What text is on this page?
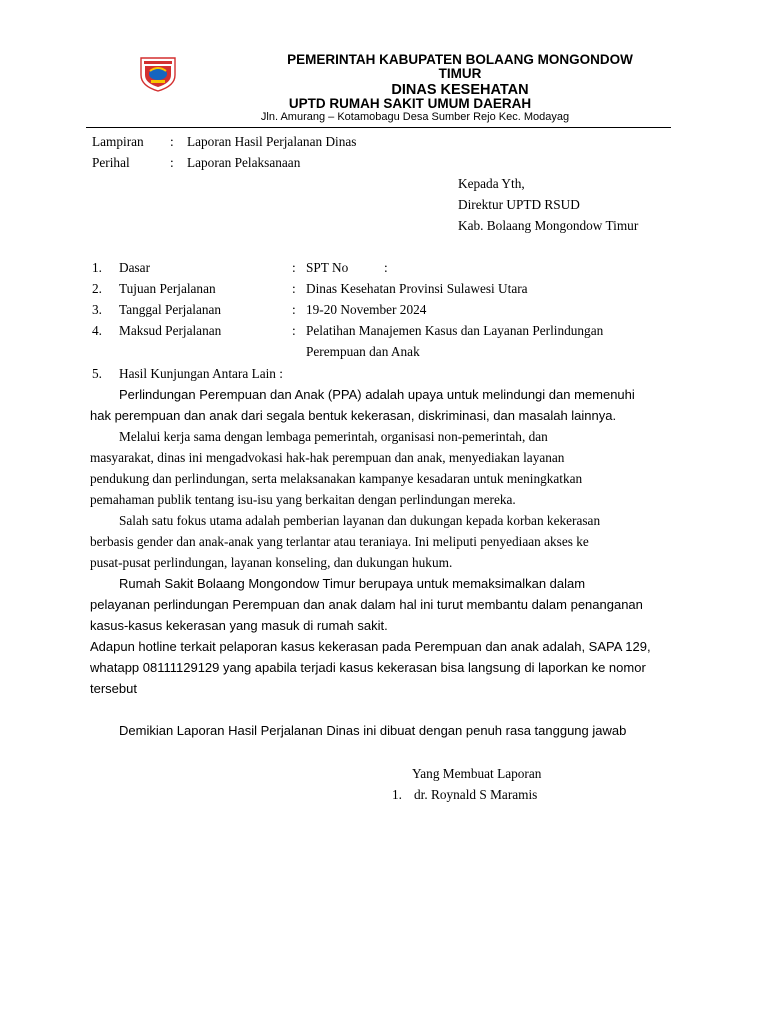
PEMERINTAH KABUPATEN BOLAANG MONGONDOW
TIMUR
DINAS KESEHATAN
UPTD RUMAH SAKIT UMUM DAERAH
Jln. Amurang – Kotamobagu Desa Sumber Rejo Kec. Modayag
Lampiran : Laporan Hasil Perjalanan Dinas
Perihal	: Laporan Pelaksanaan
Kepada Yth,
Direktur UPTD RSUD
Kab. Bolaang Mongondow Timur
1. Dasar	: SPT No	:
2. Tujuan Perjalanan	: Dinas Kesehatan Provinsi Sulawesi Utara
3. Tanggal Perjalanan	: 19-20 November 2024
4. Maksud Perjalanan	: Pelatihan Manajemen Kasus dan Layanan Perlindungan
Perempuan dan Anak
5. Hasil Kunjungan Antara Lain :
Perlindungan Perempuan dan Anak (PPA) adalah upaya untuk melindungi dan memenuhi
hak perempuan dan anak dari segala bentuk kekerasan, diskriminasi, dan masalah lainnya.
Melalui kerja sama dengan lembaga pemerintah, organisasi non-pemerintah, dan
masyarakat, dinas ini mengadvokasi hak-hak perempuan dan anak, menyediakan layanan
pendukung dan perlindungan, serta melaksanakan kampanye kesadaran untuk meningkatkan
pemahaman publik tentang isu-isu yang berkaitan dengan perlindungan mereka.
Salah satu fokus utama adalah pemberian layanan dan dukungan kepada korban kekerasan
berbasis gender dan anak-anak yang terlantar atau teraniaya. Ini meliputi penyediaan akses ke
pusat-pusat perlindungan, layanan konseling, dan dukungan hukum.
Rumah Sakit Bolaang Mongondow Timur berupaya untuk memaksimalkan dalam
pelayanan perlindungan Perempuan dan anak dalam hal ini turut membantu dalam penanganan
kasus-kasus kekerasan yang masuk di rumah sakit.
Adapun hotline terkait pelaporan kasus kekerasan pada Perempuan dan anak adalah, SAPA 129,
whatapp 08111129129 yang apabila terjadi kasus kekerasan bisa langsung di laporkan ke nomor
tersebut
Demikian Laporan Hasil Perjalanan Dinas ini dibuat dengan penuh rasa tanggung jawab
Yang Membuat Laporan
1. dr. Roynald S Maramis
